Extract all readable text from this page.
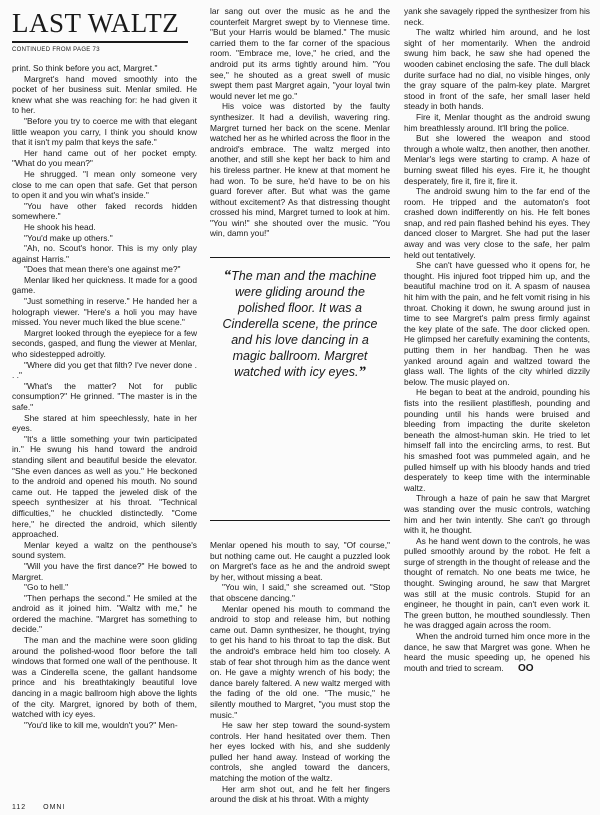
LAST WALTZ
CONTINUED FROM PAGE 73

print. So think before you act, Margret."

Margret's hand moved smoothly into the pocket of her business suit. Menlar smiled. He knew what she was reaching for: he had given it to her.

"Before you try to coerce me with that elegant little weapon you carry, I think you should know that it isn't my palm that keys the safe."

Her hand came out of her pocket empty. "What do you mean?"

He shrugged. "I mean only someone very close to me can open that safe. Get that person to open it and you win what's inside."

"You have other faked records hidden somewhere."

He shook his head.

"You'd make up others."

"Ah, no. Scout's honor. This is my only play against Harris."

"Does that mean there's one against me?"

Menlar liked her quickness. It made for a good game.

"Just something in reserve." He handed her a holograph viewer. "Here's a holi you may have missed. You never much liked the blue scene."

Margret looked through the eyepiece for a few seconds, gasped, and flung the viewer at Menlar, who sidestepped adroitly.

"Where did you get that filth? I've never done . . ."

"What's the matter? Not for public consumption?" He grinned. "The master is in the safe."

She stared at him speechlessly, hate in her eyes.

"It's a little something your twin participated in." He swung his hand toward the android standing silent and beautiful beside the elevator. "She even dances as well as you." He beckoned to the android and opened his mouth. No sound came out. He tapped the jeweled disk of the speech synthesizer at his throat. "Technical difficulties," he chuckled distinctedly. "Come here," he directed the android, which silently approached.

Menlar keyed a waltz on the penthouse's sound system.

"Will you have the first dance?" He bowed to Margret.

"Go to hell."

"Then perhaps the second." He smiled at the android as it joined him. "Waltz with me," he ordered the machine. "Margret has something to decide."

The man and the machine were soon gliding around the polished-wood floor before the tall windows that formed one wall of the penthouse. It was a Cinderella scene, the gallant handsome prince and his breathtakingly beautiful love dancing in a magic ballroom high above the lights of the city. Margret, ignored by both of them, watched with icy eyes.

"You'd like to kill me, wouldn't you?" Men-

lar sang out over the music as he and the counterfeit Margret swept by to Viennese time. "But your Harris would be blamed." The music carried them to the far corner of the spacious room. "Embrace me, love," he cried, and the android put its arms tightly around him. "You see," he shouted as a great swell of music swept them past Margret again, "your loyal twin would never let me go."

His voice was distorted by the faulty synthesizer. It had a devilish, wavering ring. Margret turned her back on the scene. Menlar watched her as he whirled across the floor in the android's embrace. The waltz merged into another, and still she kept her back to him and his tireless partner. He knew at that moment he had won. To be sure, he'd have to be on his guard forever after. But what was the game without excitement? As that distressing thought crossed his mind, Margret turned to look at him. "You win!" she shouted over the music. "You win, damn you!"

“The man and the machine were gliding around the polished floor. It was a Cinderella scene, the prince and his love dancing in a magic ballroom. Margret watched with icy eyes.”

Menlar opened his mouth to say, "Of course," but nothing came out. He caught a puzzled look on Margret's face as he and the android swept by her, without missing a beat.

"You win, I said," she screamed out. "Stop that obscene dancing."

Menlar opened his mouth to command the android to stop and release him, but nothing came out. Damn synthesizer, he thought, trying to get his hand to his throat to tap the disk. But the android's embrace held him too closely. A stab of fear shot through him as the dance went on. He gave a mighty wrench of his body; the dance barely faltered. A new waltz merged with the fading of the old one. "The music," he silently mouthed to Margret, "you must stop the music."

He saw her step toward the sound-system controls. Her hand hesitated over them. Then her eyes locked with his, and she suddenly pulled her hand away. Instead of working the controls, she angled toward the dancers, matching the motion of the waltz.

Her arm shot out, and he felt her fingers around the disk at his throat. With a mighty

yank she savagely ripped the synthesizer from his neck.

The waltz whirled him around, and he lost sight of her momentarily. When the android swung him back, he saw she had opened the wooden cabinet enclosing the safe. The dull black durite surface had no dial, no visible hinges, only the gray square of the palm-key plate. Margret stood in front of the safe, her small laser held steady in both hands.

Fire it, Menlar thought as the android swung him breathlessly around. It'll bring the police.

But she lowered the weapon and stood through a whole waltz, then another, then another. Menlar's legs were starting to cramp. A haze of burning sweat filled his eyes. Fire it, he thought desperately, fire it, fire it, fire it.

The android swung him to the far end of the room. He tripped and the automaton's foot crashed down indifferently on his. He felt bones snap, and red pain flashed behind his eyes. They danced closer to Margret. She had put the laser away and was very close to the safe, her palm held out tentatively.

She can't have guessed who it opens for, he thought. His injured foot tripped him up, and the beautiful machine trod on it. A spasm of nausea hit him with the pain, and he felt vomit rising in his throat. Choking it down, he swung around just in time to see Margret's palm press firmly against the key plate of the safe. The door clicked open. He glimpsed her carefully examining the contents, putting them in her handbag. Then he was yanked around again and waltzed toward the glass wall. The lights of the city whirled dizzily below. The music played on.

He began to beat at the android, pounding his fists into the resilient plastiflesh, pounding and pounding until his hands were bruised and bleeding from impacting the durite skeleton beneath the almost-human skin. He tried to let himself fall into the encircling arms, to rest. But his smashed foot was pummeled again, and he pulled himself up with his bloody hands and tried desperately to keep time with the interminable waltz.

Through a haze of pain he saw that Margret was standing over the music controls, watching him and her twin intently. She can't go through with it, he thought.

As he hand went down to the controls, he was pulled smoothly around by the robot. He felt a surge of strength in the thought of release and the thought of rematch. No one beats me twice, he thought. Swinging around, he saw that Margret was still at the music controls. Stupid for an engineer, he thought in pain, can't even work it. The green button, he mouthed soundlessly. Then he was dragged again across the room.

When the android turned him once more in the dance, he saw that Margret was gone. When he heard the music speeding up, he opened his mouth and tried to scream. OO

112 OMNI
